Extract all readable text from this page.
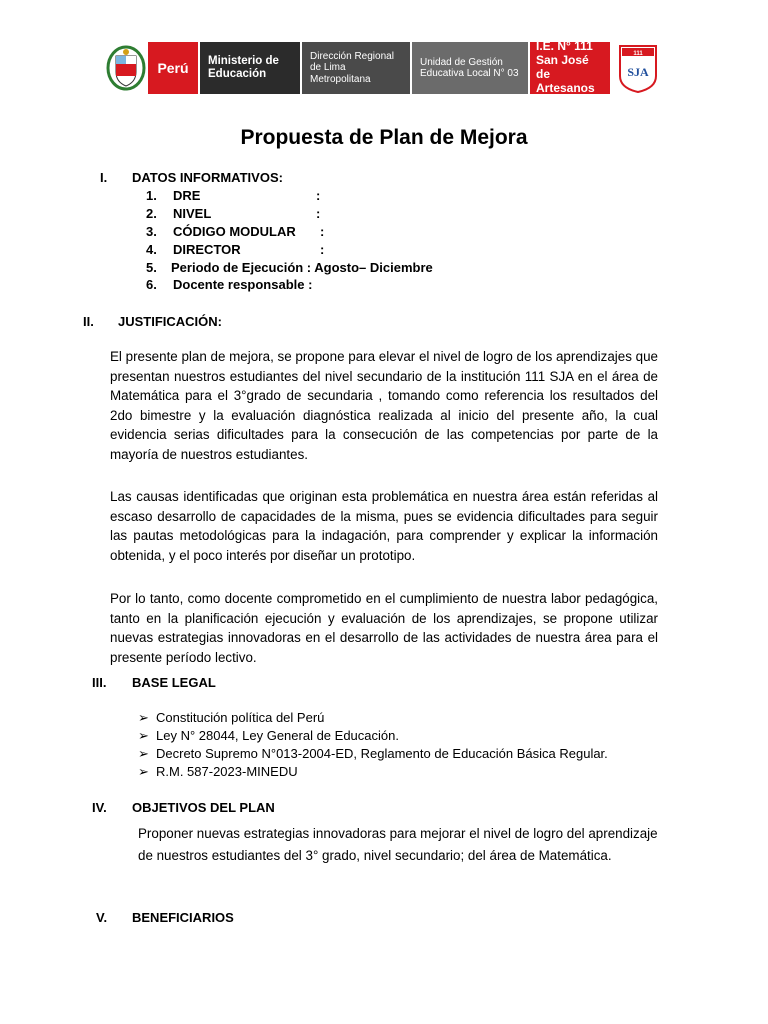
Perú	Ministerio de Educación
Dirección Regional de Lima Metropolitana
Unidad de Gestión Educativa Local N° 03
I.E. N° 111
San José de Artesanos
111
SJA
Propuesta de Plan de Mejora
I. DATOS INFORMATIVOS:
1. DRE	:
2. NIVEL	:
3. CÓDIGO MODULAR :
4. DIRECTOR	:
5. Periodo de Ejecución : Agosto– Diciembre
6. Docente responsable :
II. JUSTIFICACIÓN:
El presente plan de mejora, se propone para elevar el nivel de logro de los aprendizajes que presentan nuestros estudiantes del nivel secundario de la institución 111 SJA en el área de Matemática para el 3°grado de secundaria , tomando como referencia los resultados del 2do bimestre y la evaluación diagnóstica realizada al inicio del presente año, la cual evidencia serias dificultades para la consecución de las competencias por parte de la mayoría de nuestros estudiantes.
Las causas identificadas que originan esta problemática en nuestra área están referidas al escaso desarrollo de capacidades de la misma, pues se evidencia dificultades para seguir las pautas metodológicas para la indagación, para comprender y explicar la información obtenida, y el poco interés por diseñar un prototipo.
Por lo tanto, como docente comprometido en el cumplimiento de nuestra labor pedagógica, tanto en la planificación ejecución y evaluación de los aprendizajes, se propone utilizar nuevas estrategias innovadoras en el desarrollo de las actividades de nuestra área para el presente período lectivo.
III. BASE LEGAL
➢ Constitución política del Perú
➢ Ley N° 28044, Ley General de Educación.
➢ Decreto Supremo N°013-2004-ED, Reglamento de Educación Básica Regular.
➢ R.M. 587-2023-MINEDU
IV. OBJETIVOS DEL PLAN
Proponer nuevas estrategias innovadoras para mejorar el nivel de logro del aprendizaje de nuestros estudiantes del 3° grado, nivel secundario; del área de Matemática.
V. BENEFICIARIOS
